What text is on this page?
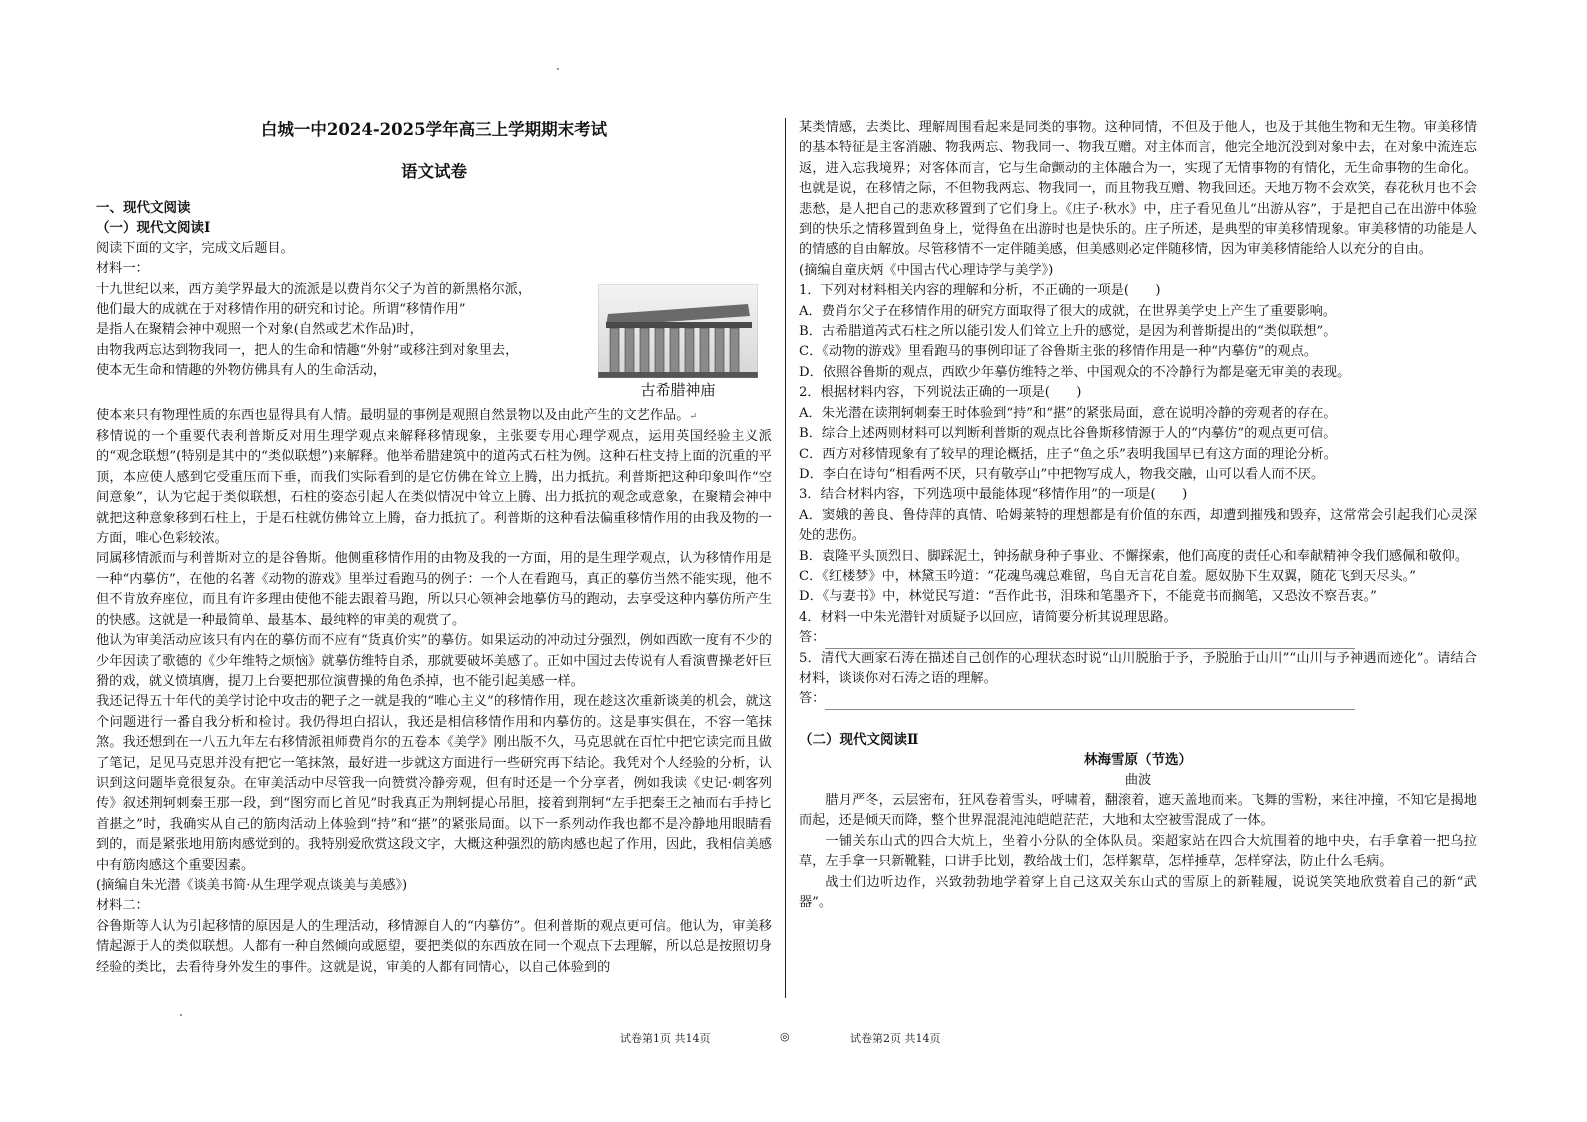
白城一中2024-2025学年高三上学期期末考试

语文试卷

一、现代文阅读

（一）现代文阅读I

阅读下面的文字，完成文后题目。

材料一：

十九世纪以来，西方美学界最大的流派是以费肖尔父子为首的新黑格尔派，

他们最大的成就在于对移情作用的研究和讨论。所谓“移情作用”

是指人在聚精会神中观照一个对象(自然或艺术作品)时，

由物我两忘达到物我同一，把人的生命和情趣“外射”或移注到对象里去，

使本无生命和情趣的外物仿佛具有人的生命活动，

古希腊神庙

使本来只有物理性质的东西也显得具有人情。最明显的事例是观照自然景物以及由此产生的文艺作品。↵

移情说的一个重要代表利普斯反对用生理学观点来解释移情现象，主张要专用心理学观点，运用英国经验主义派的“观念联想”(特别是其中的“类似联想”)来解释。他举希腊建筑中的道芮式石柱为例。这种石柱支持上面的沉重的平顶，本应使人感到它受重压而下垂，而我们实际看到的是它仿佛在耸立上腾，出力抵抗。利普斯把这种印象叫作“空间意象”，认为它起于类似联想，石柱的姿态引起人在类似情况中耸立上腾、出力抵抗的观念或意象，在聚精会神中就把这种意象移到石柱上，于是石柱就仿佛耸立上腾，奋力抵抗了。利普斯的这种看法偏重移情作用的由我及物的一方面，唯心色彩较浓。

同属移情派而与利普斯对立的是谷鲁斯。他侧重移情作用的由物及我的一方面，用的是生理学观点，认为移情作用是一种“内摹仿”，在他的名著《动物的游戏》里举过看跑马的例子：一个人在看跑马，真正的摹仿当然不能实现，他不但不肯放弃座位，而且有许多理由使他不能去跟着马跑，所以只心领神会地摹仿马的跑动，去享受这种内摹仿所产生的快感。这就是一种最简单、最基本、最纯粹的审美的观赏了。

他认为审美活动应该只有内在的摹仿而不应有“货真价实”的摹仿。如果运动的冲动过分强烈，例如西欧一度有不少的少年因读了歌德的《少年维特之烦恼》就摹仿维特自杀，那就要破坏美感了。正如中国过去传说有人看演曹操老奸巨猾的戏，就义愤填膺，提刀上台要把那位演曹操的角色杀掉，也不能引起美感一样。

我还记得五十年代的美学讨论中攻击的靶子之一就是我的“唯心主义”的移情作用，现在趁这次重新谈美的机会，就这个问题进行一番自我分析和检讨。我仍得坦白招认，我还是相信移情作用和内摹仿的。这是事实俱在，不容一笔抹煞。我还想到在一八五九年左右移情派祖师费肖尔的五卷本《美学》刚出版不久，马克思就在百忙中把它读完而且做了笔记，足见马克思并没有把它一笔抹煞，最好进一步就这方面进行一些研究再下结论。我凭对个人经验的分析，认识到这问题毕竟很复杂。在审美活动中尽管我一向赞赏冷静旁观，但有时还是一个分享者，例如我读《史记·刺客列传》叙述荆轲刺秦王那一段，到“图穷而匕首见”时我真正为荆轲提心吊胆，接着到荆轲“左手把秦王之袖而右手持匕首揕之”时，我确实从自己的筋肉活动上体验到“持”和“揕”的紧张局面。以下一系列动作我也都不是冷静地用眼睛看到的，而是紧张地用筋肉感觉到的。我特别爱欣赏这段文字，大概这种强烈的筋肉感也起了作用，因此，我相信美感中有筋肉感这个重要因素。

(摘编自朱光潜《谈美书简·从生理学观点谈美与美感》)

材料二：

谷鲁斯等人认为引起移情的原因是人的生理活动，移情源自人的“内摹仿”。但利普斯的观点更可信。他认为，审美移情起源于人的类似联想。人都有一种自然倾向或愿望，要把类似的东西放在同一个观点下去理解，所以总是按照切身经验的类比，去看待身外发生的事件。这就是说，审美的人都有同情心，以自己体验到的

某类情感，去类比、理解周围看起来是同类的事物。这种同情，不但及于他人，也及于其他生物和无生物。审美移情的基本特征是主客消融、物我两忘、物我同一、物我互赠。对主体而言，他完全地沉没到对象中去，在对象中流连忘返，进入忘我境界；对客体而言，它与生命颤动的主体融合为一，实现了无情事物的有情化，无生命事物的生命化。也就是说，在移情之际，不但物我两忘、物我同一，而且物我互赠、物我回还。天地万物不会欢笑，春花秋月也不会悲愁，是人把自己的悲欢移置到了它们身上。《庄子·秋水》中，庄子看见鱼儿“出游从容”，于是把自己在出游中体验到的快乐之情移置到鱼身上，觉得鱼在出游时也是快乐的。庄子所述，是典型的审美移情现象。审美移情的功能是人的情感的自由解放。尽管移情不一定伴随美感，但美感则必定伴随移情，因为审美移情能给人以充分的自由。

(摘编自童庆炳《中国古代心理诗学与美学》)

1．下列对材料相关内容的理解和分析，不正确的一项是(　　)

A．费肖尔父子在移情作用的研究方面取得了很大的成就，在世界美学史上产生了重要影响。

B．古希腊道芮式石柱之所以能引发人们耸立上升的感觉，是因为利普斯提出的“类似联想”。

C．《动物的游戏》里看跑马的事例印证了谷鲁斯主张的移情作用是一种“内摹仿”的观点。

D．依照谷鲁斯的观点，西欧少年摹仿维特之举、中国观众的不冷静行为都是毫无审美的表现。

2．根据材料内容，下列说法正确的一项是(　　)

A．朱光潜在读荆轲刺秦王时体验到“持”和“揕”的紧张局面，意在说明冷静的旁观者的存在。

B．综合上述两则材料可以判断利普斯的观点比谷鲁斯移情源于人的“内摹仿”的观点更可信。

C．西方对移情现象有了较早的理论概括，庄子“鱼之乐”表明我国早已有这方面的理论分析。

D．李白在诗句“相看两不厌，只有敬亭山”中把物写成人，物我交融，山可以看人而不厌。

3．结合材料内容，下列选项中最能体现“移情作用”的一项是(　　)

A．窦娥的善良、鲁侍萍的真情、哈姆莱特的理想都是有价值的东西，却遭到摧残和毁弃，这常常会引起我们心灵深处的悲伤。

B．袁隆平头顶烈日、脚踩泥土，钟扬献身种子事业、不懈探索，他们高度的责任心和奉献精神令我们感佩和敬仰。

C．《红楼梦》中，林黛玉吟道：“花魂鸟魂总难留，鸟自无言花自羞。愿奴胁下生双翼，随花飞到天尽头。”

D．《与妻书》中，林觉民写道：“吾作此书，泪珠和笔墨齐下，不能竟书而搁笔，又恐汝不察吾衷。”

4．材料一中朱光潜针对质疑予以回应，请简要分析其说理思路。

答：

5．清代大画家石涛在描述自己创作的心理状态时说“山川脱胎于予，予脱胎于山川”“山川与予神遇而迹化”。请结合材料，谈谈你对石涛之语的理解。

答：

（二）现代文阅读Ⅱ

林海雪原（节选）

曲波

腊月严冬，云层密布，狂风卷着雪头，呼啸着，翻滚着，遮天盖地而来。飞舞的雪粉，来往冲撞，不知它是揭地而起，还是倾天而降，整个世界混混沌沌皑皑茫茫，大地和太空被雪混成了一体。

一铺关东山式的四合大炕上，坐着小分队的全体队员。栾超家站在四合大炕围着的地中央，右手拿着一把乌拉草，左手拿一只新靴鞋，口讲手比划，教给战士们，怎样絮草，怎样捶草，怎样穿法，防止什么毛病。

战士们边听边作，兴致勃勃地学着穿上自己这双关东山式的雪原上的新鞋履，说说笑笑地欣赏着自己的新“武器”。

试卷第1页 共14页	◎	试卷第2页 共14页
